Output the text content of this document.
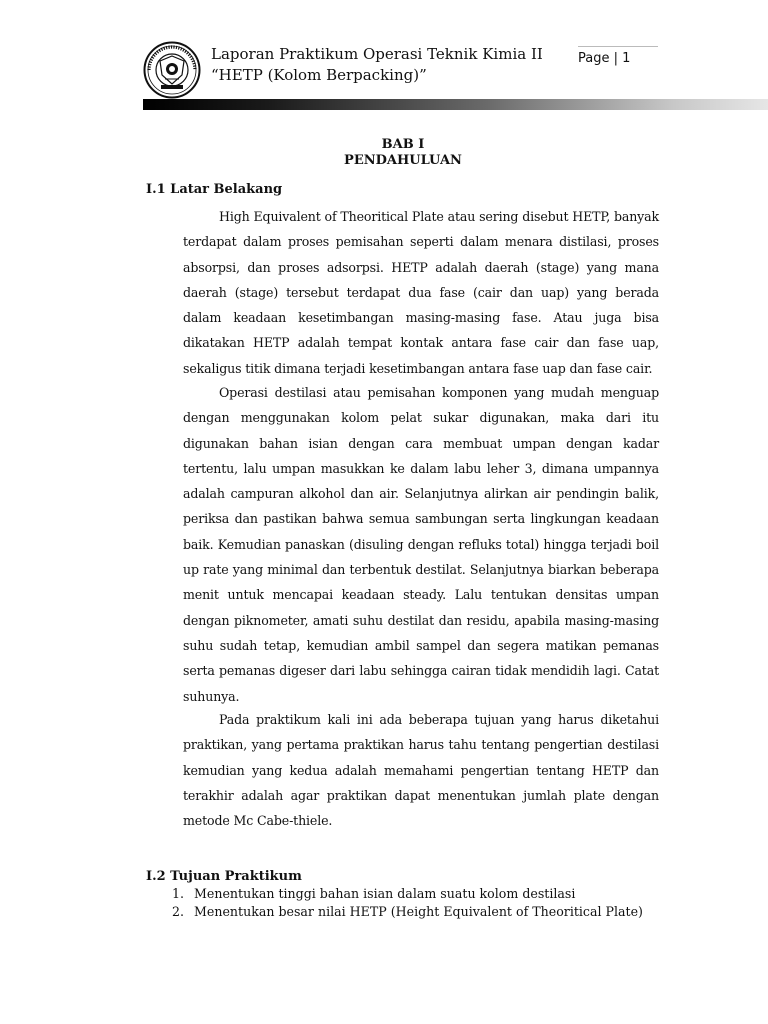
Laporan Praktikum Operasi Teknik Kimia II
“HETP (Kolom Berpacking)”
Page | 1
BAB I
PENDAHULUAN
I.1 Latar Belakang

High Equivalent of Theoritical Plate atau sering disebut HETP, banyak terdapat dalam proses pemisahan seperti dalam menara distilasi, proses absorpsi, dan proses adsorpsi. HETP adalah daerah (stage) yang mana daerah (stage) tersebut terdapat dua fase (cair dan uap) yang berada dalam keadaan kesetimbangan masing-masing fase. Atau juga bisa dikatakan HETP adalah tempat kontak antara fase cair dan fase uap, sekaligus titik dimana terjadi kesetimbangan antara fase uap dan fase cair.

Operasi destilasi atau pemisahan komponen yang mudah menguap dengan menggunakan kolom pelat sukar digunakan, maka dari itu digunakan bahan isian dengan cara membuat umpan dengan kadar tertentu, lalu umpan masukkan ke dalam labu leher 3, dimana umpannya adalah campuran alkohol dan air. Selanjutnya alirkan air pendingin balik, periksa dan pastikan bahwa semua sambungan serta lingkungan keadaan baik. Kemudian panaskan (disuling dengan refluks total) hingga terjadi boil up rate yang minimal dan terbentuk destilat. Selanjutnya biarkan beberapa menit untuk mencapai keadaan steady. Lalu tentukan densitas umpan dengan piknometer, amati suhu destilat dan residu, apabila masing-masing suhu sudah tetap, kemudian ambil sampel dan segera matikan pemanas serta pemanas digeser dari labu sehingga cairan tidak mendidih lagi. Catat suhunya.

Pada praktikum kali ini ada beberapa tujuan yang harus diketahui praktikan, yang pertama praktikan harus tahu tentang pengertian destilasi kemudian yang kedua adalah memahami pengertian tentang HETP dan terakhir adalah agar praktikan dapat menentukan jumlah plate dengan metode Mc Cabe-thiele.

I.2 Tujuan Praktikum
1. Menentukan tinggi bahan isian dalam suatu kolom destilasi
2. Menentukan besar nilai HETP (Height Equivalent of Theoritical Plate)
